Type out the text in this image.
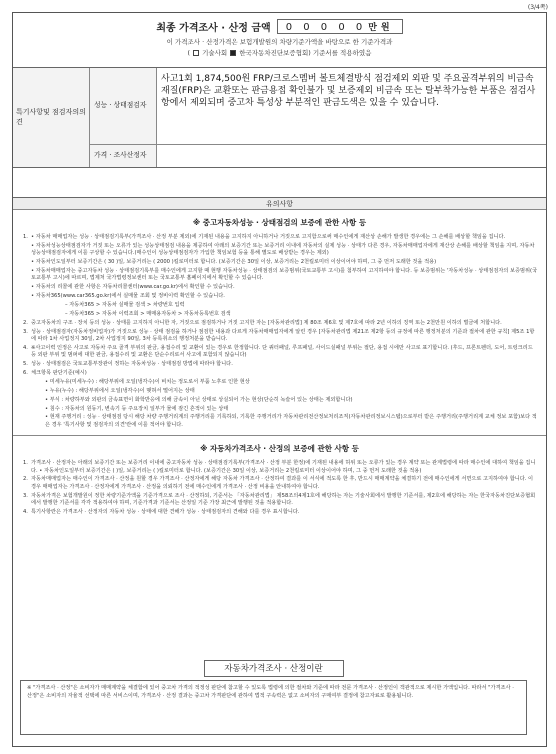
(3/4쪽)
최종 가격조사 · 산정 금액	0 0 0 0 0 만원
이 가격조사 · 산정가격은 보험개발원의 차량기준가액을 바탕으로 한 기준가격과
( 기술사회 한국자동차진단보증협회) 기준서를 적용하였음
특기사항및 점검자의의견
성능 · 상태점검자
사고1회 1,874,500원 FRP/크로스멤버 볼트체결방식 점검제외 외판 및 주요골격부위의 비금속재질(FRP)은 교환또는 판금용접 확인불가 및 보증제외 비금속 또는 탈부착가능한 부품은 점검사항에서 제외되며 중고차 특성상 부분적인 판금도색은 있을 수 있습니다.
가격 · 조사산정자
유의사항
※ 중고자동차성능 · 상태점검의 보증에 관한 사항 등
1. • 자동차 매매업자는 성능 · 상태점검기록부(가격조사 · 산정 부분 제외)에 기재된 내용을 고지하지 아니하거나 거짓으로 고지함으로써 매수인에게 재산상 손해가 발생한 경우에는 그 손해를 배상할 책임을 집니다.
• 자동차성능상태점검자가 거짓 또는 오류가 있는 성능상태점검 내용을 제공하여 아래의 보증기간 또는 보증거리 이내에 자동차의 실제 성능 · 상태가 다른 경우, 자동차매매업자에게 재산상 손해를 배상할 책임을 지며, 자동차성능상태점검자에게 이를 구상할 수 있습니다.(매수인이 성능상태점검자가 가입한 책임보험 등을 통해 별도로 배상받는 경우는 제외)
• 자동차인도일부터 보증기간은 ( 30 )일, 보증거리는 ( 2000 )킬로미터로 합니다. (보증기간은 30일 이상, 보증거리는 2천킬로미터 이상이어야 하며, 그 중 먼저 도래한 것을 적용)
• 자동차매매업자는 중고자동차 성능 · 상태점검기록부를 매수인에게 고지할 때 현행 자동차성능 · 상태점검의 보증범위(국토교통부 고시)를 첨부하여 고지하여야 합니다. 등 보증범위는 '자동차성능 · 상태점검자의 보증범위(국토교통부 고시)에 따르며, 법제처 국가법령정보센터 또는 국토교통부 홈페이지에서 확인할 수 있습니다.
• 자동차의 리콜에 관한 사항은 자동차리콜센터(www.car.go.kr)에서 확인할 수 있습니다.
• 자동차365(www.car365.go.kr)에서 실매물 조회 및 정비이력 확인할 수 있습니다.
– 자동차365 > 자동차 실매물 검색 > 차량번호 입력
– 자동차365 > 자동차 이력조회 > 매매용자동차 > 자동차등록번호 검색
2. 중고자동차의 구조 · 장치 등의 성능 · 상태를 고지하지 아니한 자, 거짓으로 점검하거나 거짓 고지한 자는 [자동차관리법] 제 80조 제6호 및 제7호에 따라 2년 이하의 징역 또는 2천만원 이하의 벌금에 처합니다.
3. 성능 · 상태점검자(자동차정비업자)가 거짓으로 성능 · 상태 점검을 하거나 점검한 내용과 다르게 자동차매매업자에게 알린 경우 [자동차관리법 제21조 제2항 등의 규정에 따른 행정처분의 기준과 절차에 관한 규칙] 제5조 1항에 따라 1차 사업정지 30일, 2차 사업정지 90일, 3차 등록취소의 행정처분을 받습니다.
4. ※사고이력 인정은 사고로 자동차 주요 골격 부위의 판금, 용접수리 및 교환이 있는 경우로 한정합니다. 단 쿼터패널, 루프패널, 사이드실패널 부위는 절단, 용접 시에만 사고로 표기합니다. (후드, 프론트펜더, 도어, 트렁크리드 등 외판 부위 및 범퍼에 대한 판금, 용접수리 및 교환은 단순수리로서 사고에 포함되지 않습니다)
5. 성능 · 상태점검은 국토교통부장관이 정하는 자동차성능 · 상태점검 방법에 따라야 합니다.
6. 체크항목 판단기준(예시)
• 미세누유(미세누수) : 해당부위에 오일(냉각수)이 비치는 정도로서 부품 노후로 인한 현상
• 누유(누수) : 해당부위에서 오일(냉각수)이 맺혀서 떨어지는 상태
• 부식 : 차량하부와 외판의 금속표면이 화학반응에 의해 금속이 아닌 상태로 상실되어 가는 현상(단순히 녹슬어 있는 상태는 제외합니다)
• 침수 : 자동차의 원동기, 변속기 등 주요장치 일부가 물에 잠긴 흔적이 있는 상태
• 현재 주행거리 : 성능 · 상태점검 당시 해당 차량 주행거리계의 주행거리를 기록하되, 기록한 주행거리가 자동차관리전산정보처리조직(자동차관리정보시스템)으로부터 받은 주행거리(주행거리계 교체 정보 포함)보다 적은 경우 '특기사항 및 점검자의 의견'란에 이를 적어야 합니다.
※ 자동차가격조사 · 산정의 보증에 관한 사항 등
1. 가격조사 · 산정자는 아래의 보증기간 또는 보증거리 이내에 중고자동차 성능 · 상태점검기록부(가격조사 · 산정 부분 한정)에 기재된 내용에 허위 또는 오류가 있는 경우 계약 또는 관계법령에 따라 매수인에 대하여 책임을 집니다. • 자동차인도일부터 보증기간은 ( )일, 보증거리는 ( )킬로미터로 합니다. (보증기간은 30일 이상, 보증거리는 2천킬로미터 이상이어야 하며, 그 중 먼저 도래한 것을 적용)
2. 자동차매매업자는 매수인이 가격조사 · 산정을 원할 경우 가격조사 · 산정자에게 해당 자동차 가격조사 · 산정하여 결과를 이 서식에 적도록 한 후, 반드시 매매계약을 체결하기 전에 매수인에게 서면으로 고지하여야 합니다. 이 경우 매매업자는 가격조사 · 산정자에게 가격조사 · 산정을 의뢰하기 전에 매수인에게 가격조사 · 산정 비용을 안내하여야 합니다.
3. 자동차가격은 보험개발원이 정한 차량기준가액을 기준가격으로 조사 · 산정하되, 기준서는 「자동차관리법」 제58조의4제1호에 해당하는 자는 기술사회에서 발행한 기준서를, 제2호에 해당하는 자는 한국자동차진단보증협회에서 발행한 기준서를 각각 적용하여야 하며, 기준가격과 기준서는 산정일 기준 가장 최근에 발행된 것을 적용합니다.
4. 특기사항란은 가격조사 · 산정자의 자동차 성능 · 상태에 대한 견해가 성능 · 상태점검자의 견해와 다를 경우 표시합니다.
자동차가격조사 · 산정이란
※ "가격조사 · 산정"은 소비자가 매매계약을 체결함에 있어 중고차 가격의 적정성 판단에 참고할 수 있도록 법령에 의한 절차와 기준에 따라 전문 가격조사 · 산정인이 객관적으로 제시한 가액입니다. 따라서 "가격조사 · 산정"은 소비자의 자율적 선택에 따른 서비스이며, 가격조사 · 산정 결과는 중고차 가격판단에 관하여 법적 구속력은 없고 소비자의 구매여부 결정에 참고자료로 활용됩니다.
